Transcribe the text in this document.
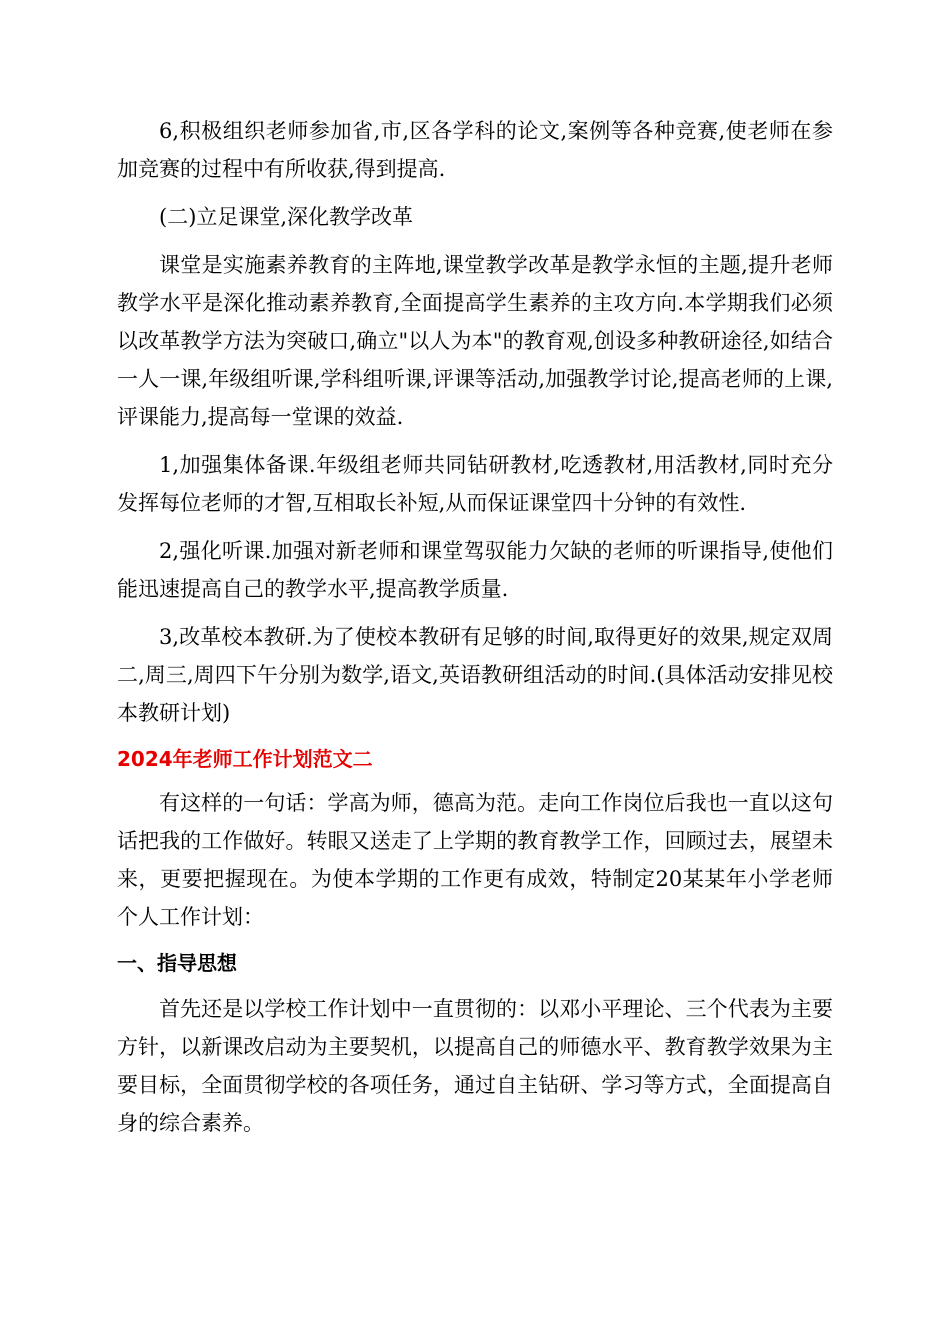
6,积极组织老师参加省,市,区各学科的论文,案例等各种竞赛,使老师在参加竞赛的过程中有所收获,得到提高.

(二)立足课堂,深化教学改革

课堂是实施素养教育的主阵地,课堂教学改革是教学永恒的主题,提升老师教学水平是深化推动素养教育,全面提高学生素养的主攻方向.本学期我们必须以改革教学方法为突破口,确立"以人为本"的教育观,创设多种教研途径,如结合一人一课,年级组听课,学科组听课,评课等活动,加强教学讨论,提高老师的上课,评课能力,提高每一堂课的效益.

1,加强集体备课.年级组老师共同钻研教材,吃透教材,用活教材,同时充分发挥每位老师的才智,互相取长补短,从而保证课堂四十分钟的有效性.

2,强化听课.加强对新老师和课堂驾驭能力欠缺的老师的听课指导,使他们能迅速提高自己的教学水平,提高教学质量.

3,改革校本教研.为了使校本教研有足够的时间,取得更好的效果,规定双周二,周三,周四下午分别为数学,语文,英语教研组活动的时间.(具体活动安排见校本教研计划)

2024年老师工作计划范文二

有这样的一句话：学高为师，德高为范。走向工作岗位后我也一直以这句话把我的工作做好。转眼又送走了上学期的教育教学工作，回顾过去，展望未来，更要把握现在。为使本学期的工作更有成效，特制定20某某年小学老师个人工作计划：

一、指导思想

首先还是以学校工作计划中一直贯彻的：以邓小平理论、三个代表为主要方针，以新课改启动为主要契机，以提高自己的师德水平、教育教学效果为主要目标，全面贯彻学校的各项任务，通过自主钻研、学习等方式，全面提高自身的综合素养。
